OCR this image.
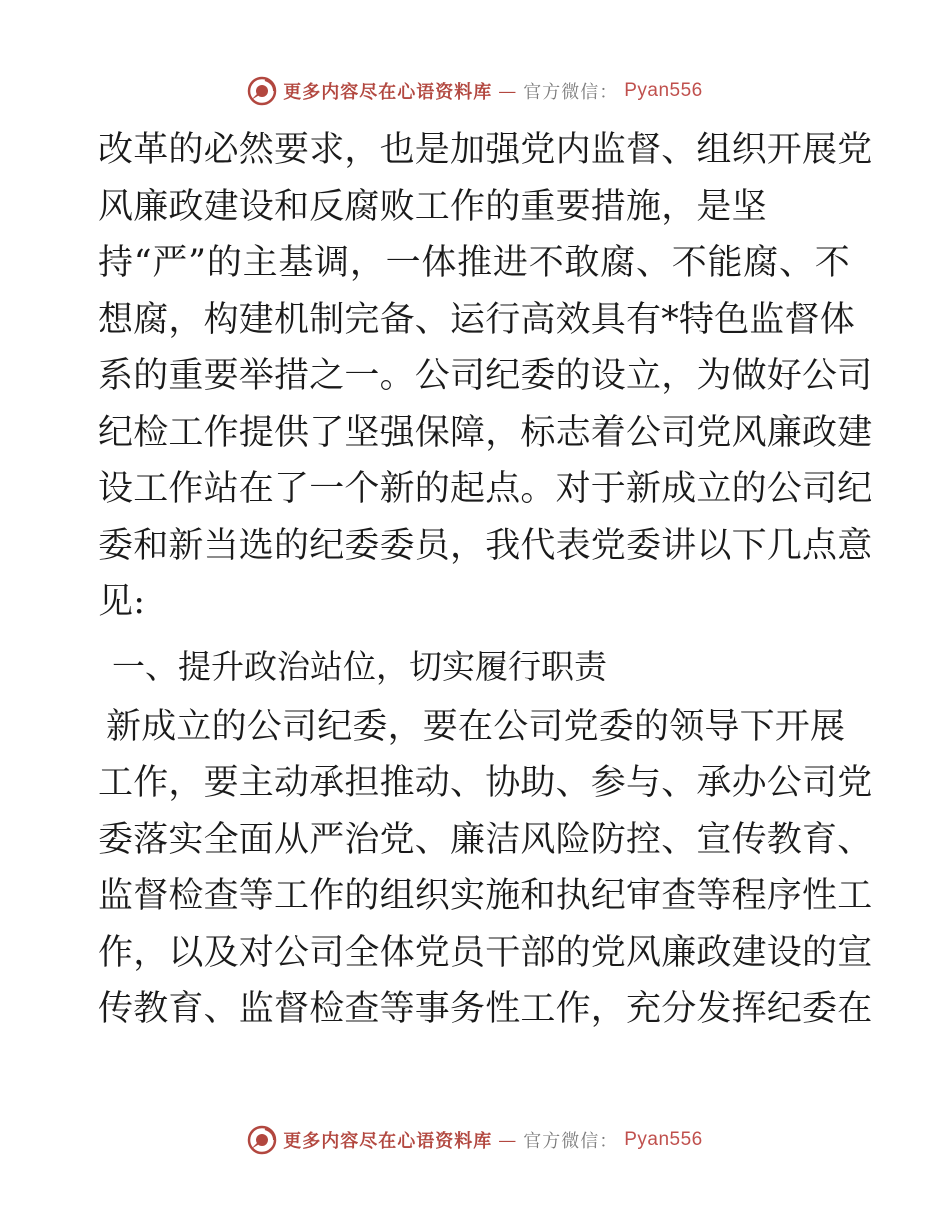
更多内容尽在心语资料库 — 官方微信： Pyan556
改革的必然要求，也是加强党内监督、组织开展党
风廉政建设和反腐败工作的重要措施，是坚
持“严”的主基调，一体推进不敢腐、不能腐、不
想腐，构建机制完备、运行高效具有*特色监督体
系的重要举措之一。公司纪委的设立，为做好公司
纪检工作提供了坚强保障，标志着公司党风廉政建
设工作站在了一个新的起点。对于新成立的公司纪
委和新当选的纪委委员，我代表党委讲以下几点意
见:
一、提升政治站位，切实履行职责
新成立的公司纪委，要在公司党委的领导下开展
工作，要主动承担推动、协助、参与、承办公司党
委落实全面从严治党、廉洁风险防控、宣传教育、
监督检查等工作的组织实施和执纪审查等程序性工
作，以及对公司全体党员干部的党风廉政建设的宣
传教育、监督检查等事务性工作，充分发挥纪委在
更多内容尽在心语资料库 — 官方微信： Pyan556
